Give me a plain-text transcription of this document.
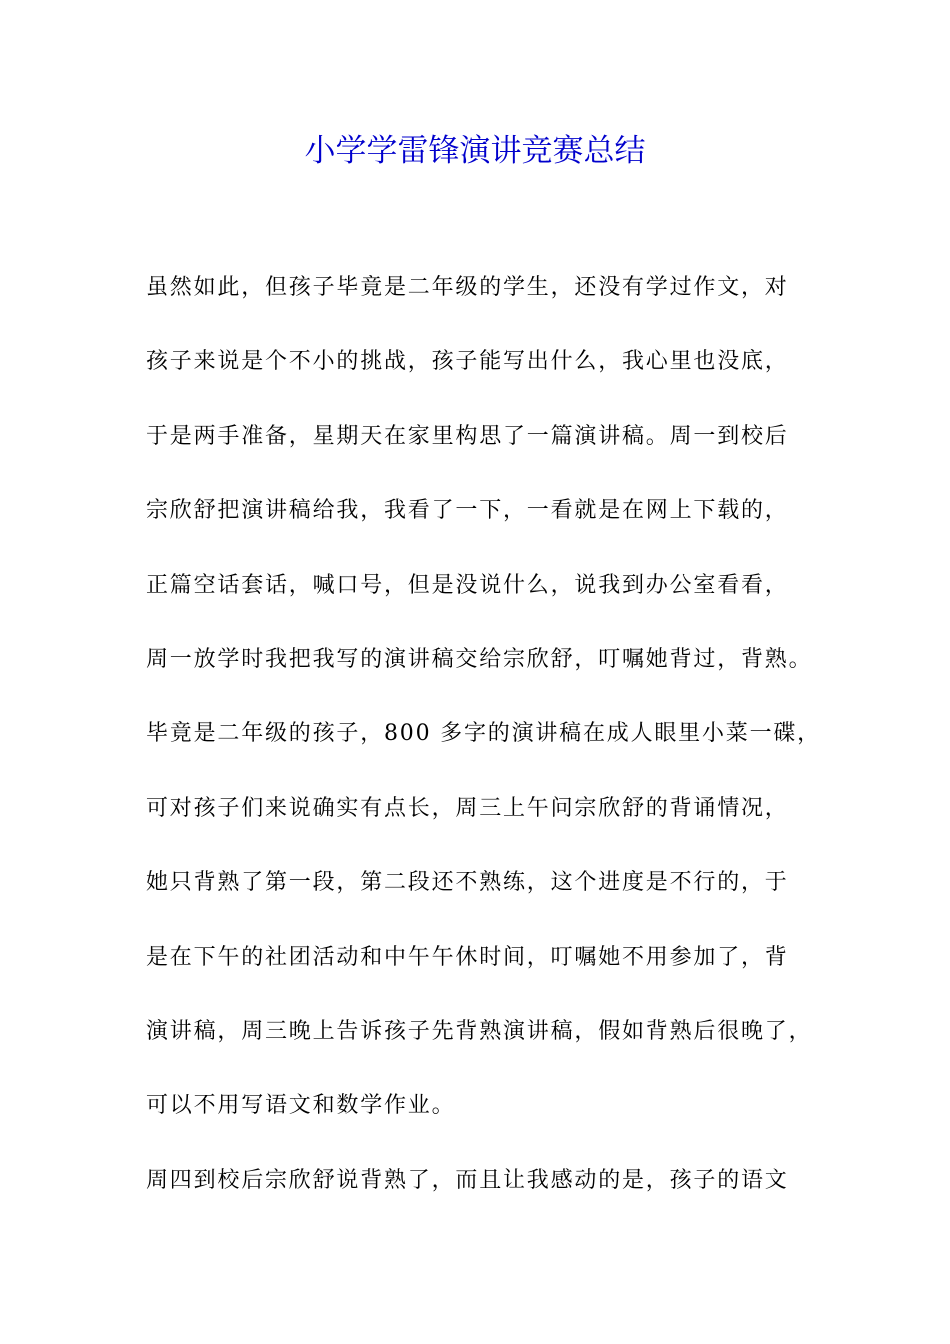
小学学雷锋演讲竞赛总结
虽然如此，但孩子毕竟是二年级的学生，还没有学过作文，对
孩子来说是个不小的挑战，孩子能写出什么，我心里也没底，
于是两手准备，星期天在家里构思了一篇演讲稿。周一到校后
宗欣舒把演讲稿给我，我看了一下，一看就是在网上下载的，
正篇空话套话，喊口号，但是没说什么，说我到办公室看看，
周一放学时我把我写的演讲稿交给宗欣舒，叮嘱她背过，背熟。
毕竟是二年级的孩子，800 多字的演讲稿在成人眼里小菜一碟，
可对孩子们来说确实有点长，周三上午问宗欣舒的背诵情况，
她只背熟了第一段，第二段还不熟练，这个进度是不行的，于
是在下午的社团活动和中午午休时间，叮嘱她不用参加了，背
演讲稿，周三晚上告诉孩子先背熟演讲稿，假如背熟后很晚了，
可以不用写语文和数学作业。
周四到校后宗欣舒说背熟了，而且让我感动的是，孩子的语文
